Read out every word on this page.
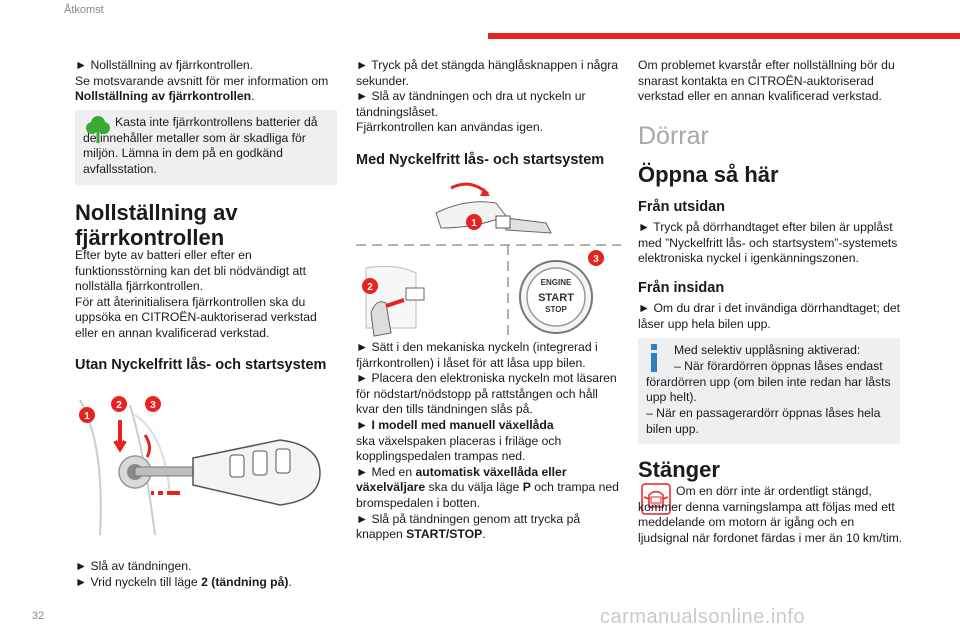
Åtkomst

► Nollställning av fjärrkontrollen.

Se motsvarande avsnitt för mer information om

Nollställning av fjärrkontrollen.

Kasta inte fjärrkontrollens batterier då de innehåller metaller som är skadliga för miljön. Lämna in dem på en godkänd avfallsstation.
Nollställning av fjärrkontrollen

Efter byte av batteri eller efter en funktionsstörning kan det bli nödvändigt att nollställa fjärrkontrollen.

För att återinitialisera fjärrkontrollen ska du uppsöka en CITROËN-auktoriserad verkstad eller en annan kvalificerad verkstad.

Utan Nyckelfritt lås- och startsystem
1
2	3

► Slå av tändningen.

► Vrid nyckeln till läge 2 (tändning på).

► Tryck på det stängda hänglåsknappen i några sekunder.

► Slå av tändningen och dra ut nyckeln ur tändningslåset.

Fjärrkontrollen kan användas igen.

Med Nyckelfritt lås- och startsystem
1
2	ENGINE
START
STOP
3

► Sätt i den mekaniska nyckeln (integrerad i fjärrkontrollen) i låset för att låsa upp bilen.

► Placera den elektroniska nyckeln mot läsaren för nödstart/nödstopp på rattstången och håll kvar den tills tändningen slås på.

► I modell med manuell växellåda

ska växelspaken placeras i friläge och kopplingspedalen trampas ned.

► Med en automatisk växellåda eller växelväljare ska du välja läge P och trampa ned bromspedalen i botten.

► Slå på tändningen genom att trycka på knappen START/STOP.

Om problemet kvarstår efter nollställning bör du snarast kontakta en CITROËN-auktoriserad verkstad eller en annan kvalificerad verkstad.
Dörrar
Öppna så här
Från utsidan
► Tryck på dörrhandtaget efter bilen är upplåst med ”Nyckelfritt lås- och startsystem”-systemets elektroniska nyckel i igenkänningszonen.
Från insidan
► Om du drar i det invändiga dörrhandtaget; det låser upp hela bilen upp.
Med selektiv upplåsning aktiverad:
– När förardörren öppnas låses endast förardörren upp (om bilen inte redan har låsts upp helt).
– När en passagerardörr öppnas låses hela bilen upp.
Stänger
Om en dörr inte är ordentligt stängd, kommer denna varningslampa att följas med ett meddelande om motorn är igång och en ljudsignal när fordonet färdas i mer än 10 km/tim.
32	carmanualsonline.info
